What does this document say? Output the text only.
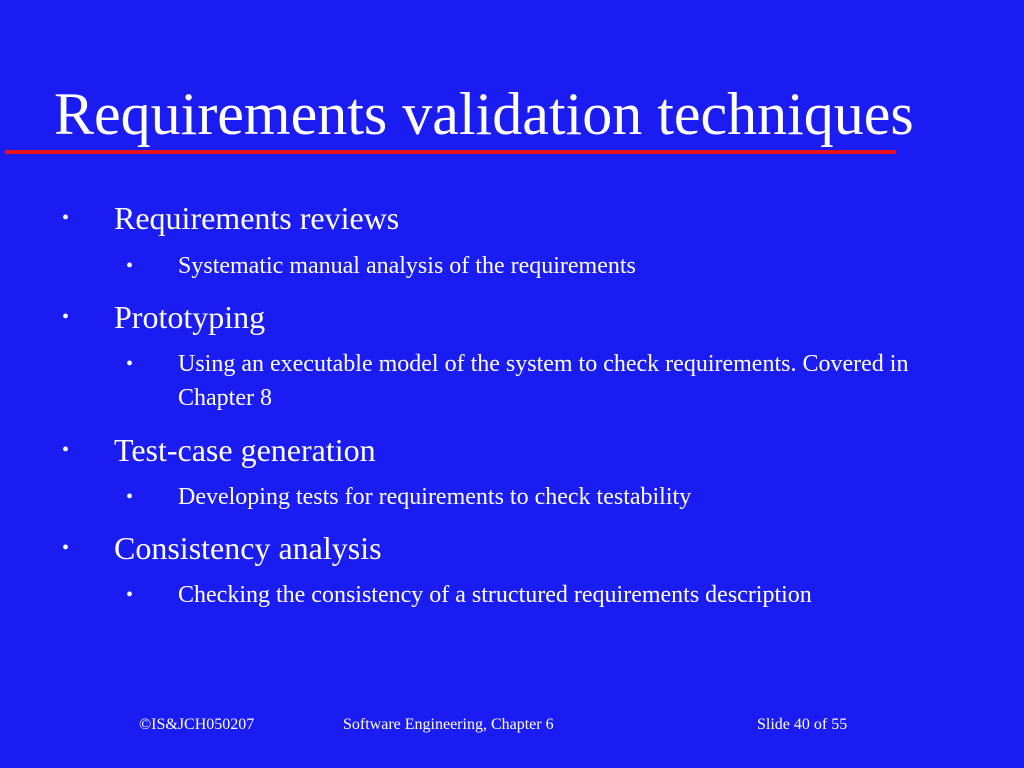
Requirements validation techniques
• Requirements reviews
• Systematic manual analysis of the requirements
• Prototyping
• Using an executable model of the system to check requirements. Covered in Chapter 8
• Test-case generation
• Developing tests for requirements to check testability
• Consistency analysis
• Checking the consistency of a structured requirements description
©IS&JCH050207	Software Engineering, Chapter 6	Slide 40 of 55
